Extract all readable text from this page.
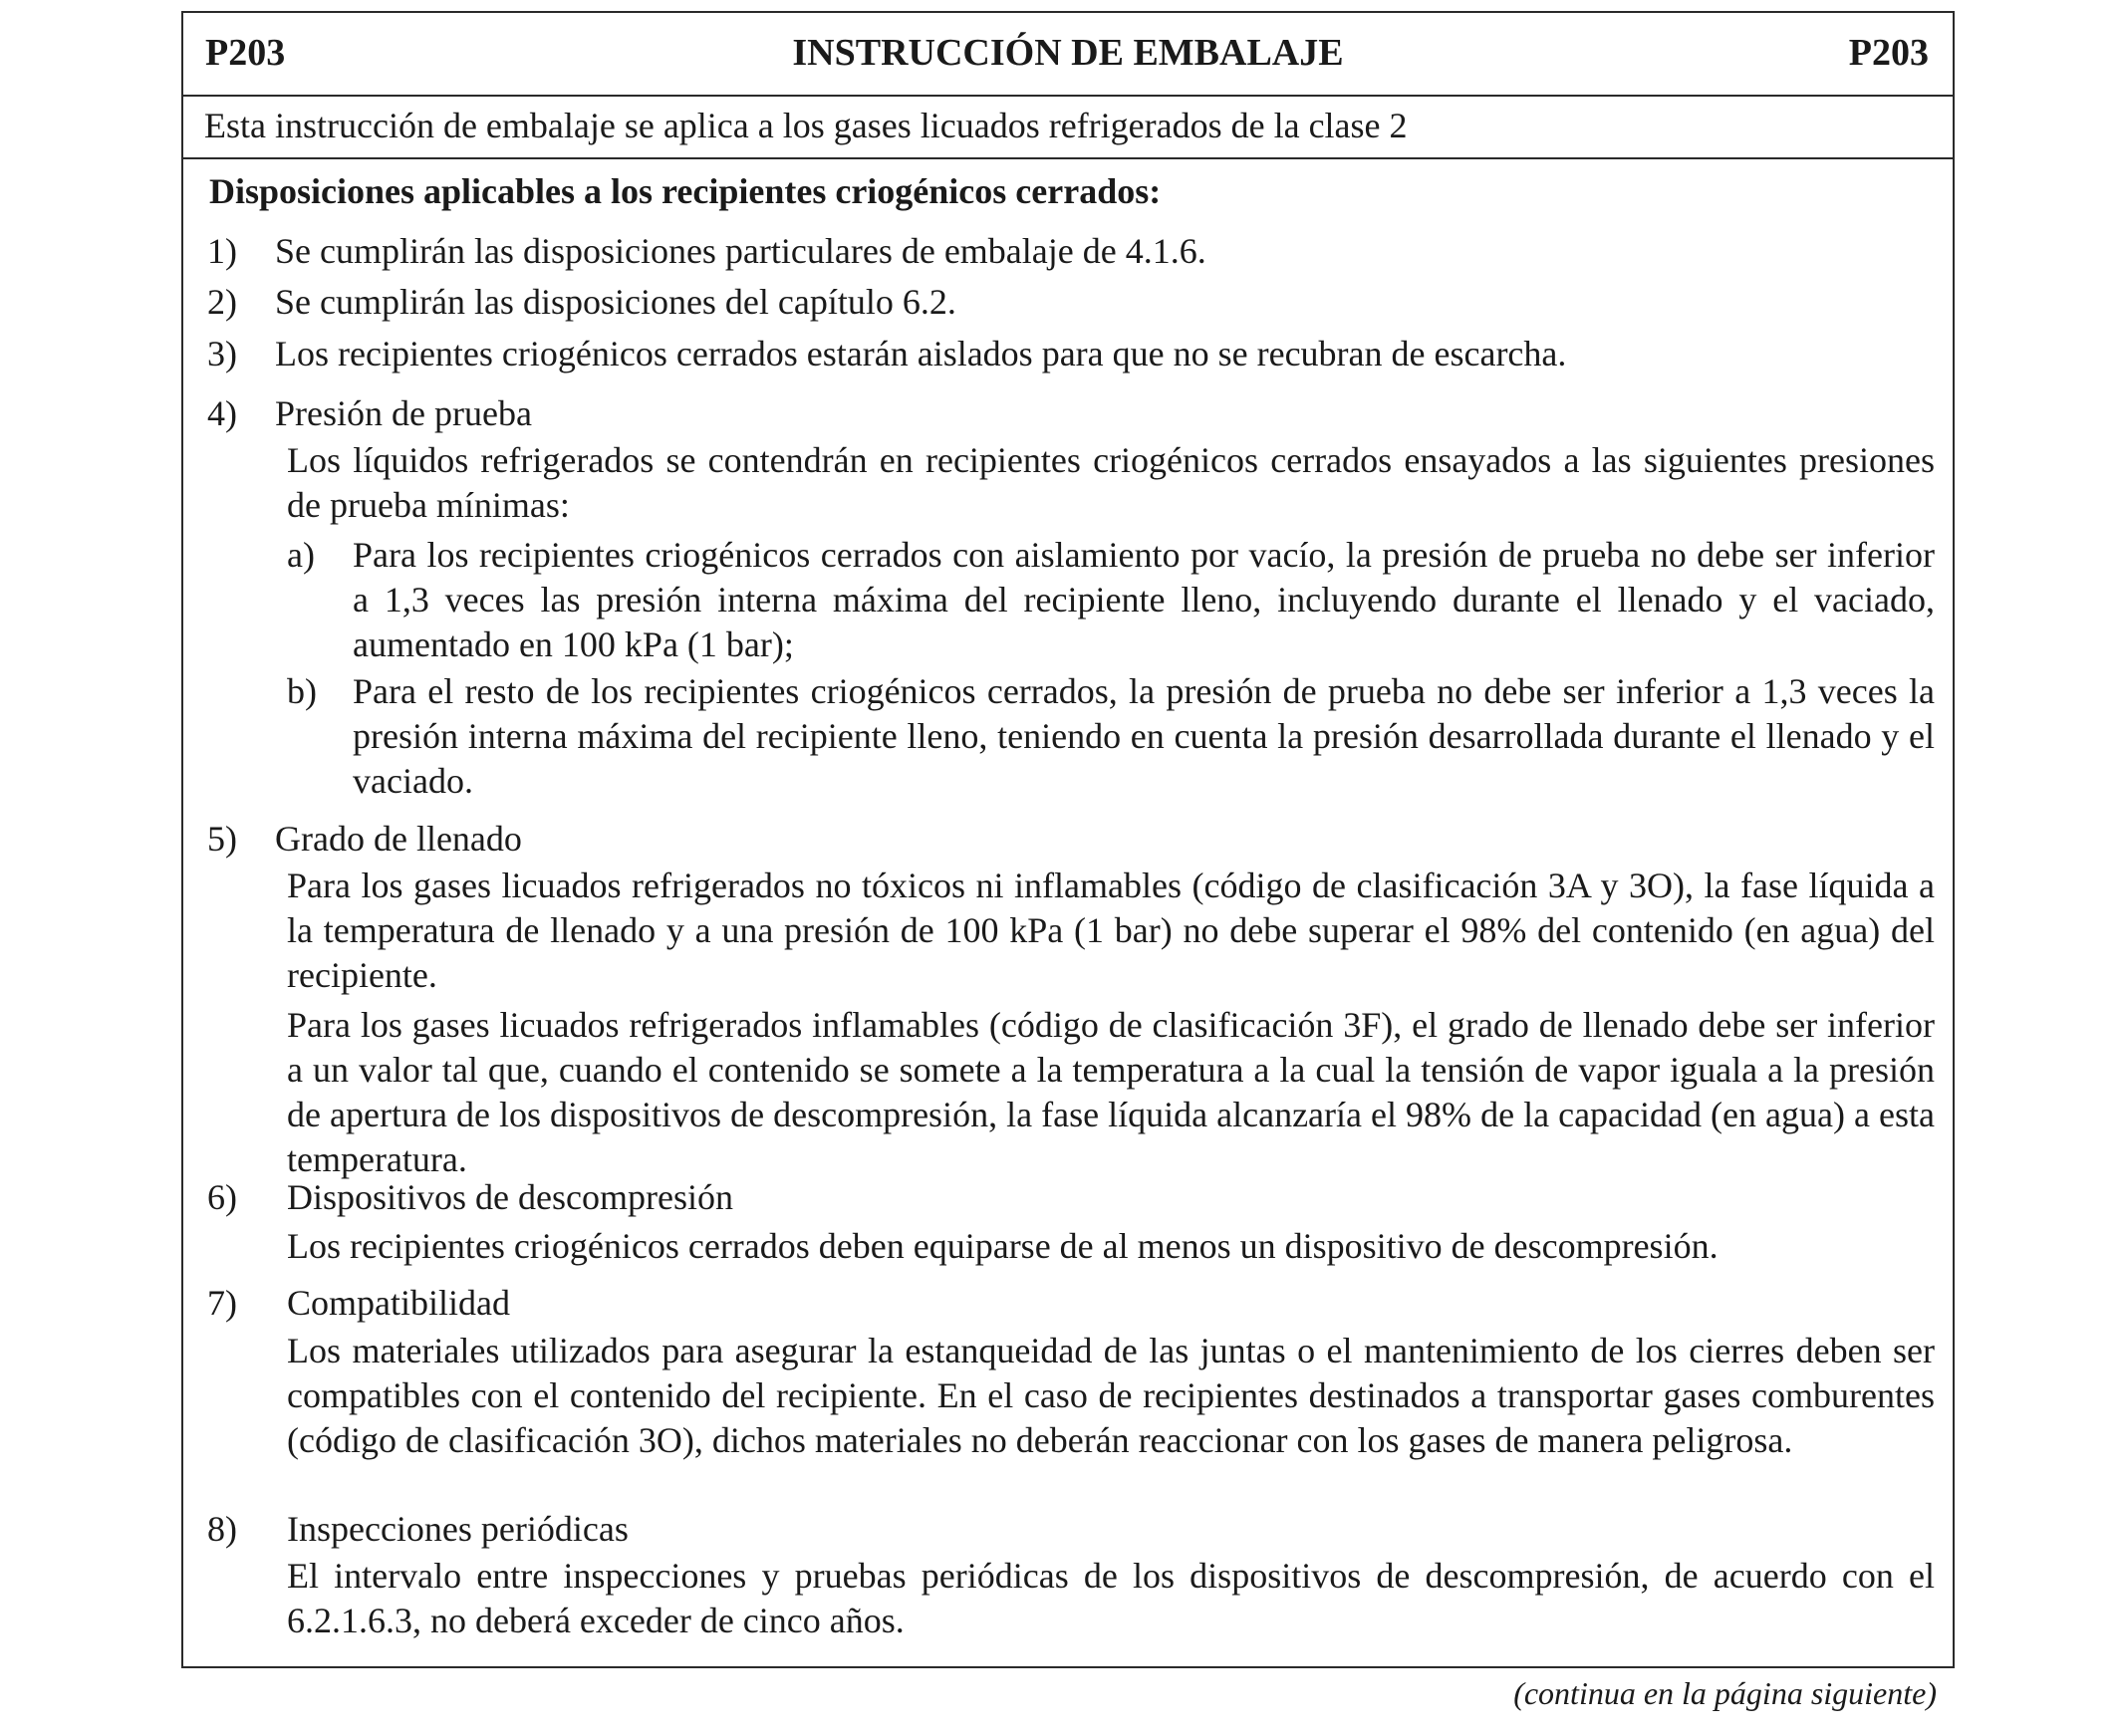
P203	INSTRUCCIÓN DE EMBALAJE	P203
Esta instrucción de embalaje se aplica a los gases licuados refrigerados de la clase 2
Disposiciones aplicables a los recipientes criogénicos cerrados:
1) Se cumplirán las disposiciones particulares de embalaje de 4.1.6.
2) Se cumplirán las disposiciones del capítulo 6.2.
3) Los recipientes criogénicos cerrados estarán aislados para que no se recubran de escarcha.
4) Presión de prueba
Los líquidos refrigerados se contendrán en recipientes criogénicos cerrados ensayados a las siguientes presiones de prueba mínimas:
a) Para los recipientes criogénicos cerrados con aislamiento por vacío, la presión de prueba no debe ser inferior a 1,3 veces las presión interna máxima del recipiente lleno, incluyendo durante el llenado y el vaciado, aumentado en 100 kPa (1 bar);
b) Para el resto de los recipientes criogénicos cerrados, la presión de prueba no debe ser inferior a 1,3 veces la presión interna máxima del recipiente lleno, teniendo en cuenta la presión desarrollada durante el llenado y el vaciado.
5) Grado de llenado
Para los gases licuados refrigerados no tóxicos ni inflamables (código de clasificación 3A y 3O), la fase líquida a la temperatura de llenado y a una presión de 100 kPa (1 bar) no debe superar el 98% del contenido (en agua) del recipiente.
Para los gases licuados refrigerados inflamables (código de clasificación 3F), el grado de llenado debe ser inferior a un valor tal que, cuando el contenido se somete a la temperatura a la cual la tensión de vapor iguala a la presión de apertura de los dispositivos de descompresión, la fase líquida alcanzaría el 98% de la capacidad (en agua) a esta temperatura.
6) Dispositivos de descompresión
Los recipientes criogénicos cerrados deben equiparse de al menos un dispositivo de descompresión.
7) Compatibilidad
Los materiales utilizados para asegurar la estanqueidad de las juntas o el mantenimiento de los cierres deben ser compatibles con el contenido del recipiente. En el caso de recipientes destinados a transportar gases comburentes (código de clasificación 3O), dichos materiales no deberán reaccionar con los gases de manera peligrosa.
8) Inspecciones periódicas
El intervalo entre inspecciones y pruebas periódicas de los dispositivos de descompresión, de acuerdo con el 6.2.1.6.3, no deberá exceder de cinco años.
(continua en la página siguiente)
